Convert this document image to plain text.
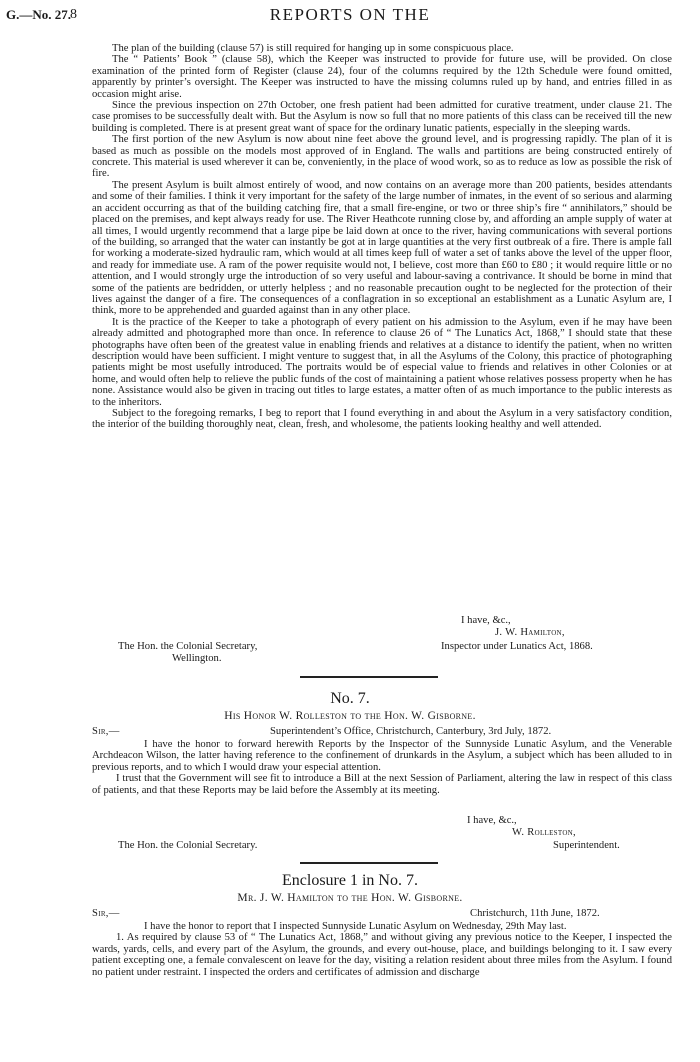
G.—No. 27. 8	REPORTS ON THE

The plan of the building (clause 57) is still required for hanging up in some conspicuous place.

The “ Patients’ Book ” (clause 58), which the Keeper was instructed to provide for future use, will be provided. On close examination of the printed form of Register (clause 24), four of the columns required by the 12th Schedule were found omitted, apparently by printer’s oversight. The Keeper was instructed to have the missing columns ruled up by hand, and entries filled in as occasion might arise.

Since the previous inspection on 27th October, one fresh patient had been admitted for curative treatment, under clause 21. The case promises to be successfully dealt with. But the Asylum is now so full that no more patients of this class can be received till the new building is completed. There is at present great want of space for the ordinary lunatic patients, especially in the sleeping wards.

The first portion of the new Asylum is now about nine feet above the ground level, and is progressing rapidly. The plan of it is based as much as possible on the models most approved of in England. The walls and partitions are being constructed entirely of concrete. This material is used wherever it can be, conveniently, in the place of wood work, so as to reduce as low as possible the risk of fire.

The present Asylum is built almost entirely of wood, and now contains on an average more than 200 patients, besides attendants and some of their families. I think it very important for the safety of the large number of inmates, in the event of so serious and alarming an accident occurring as that of the building catching fire, that a small fire-engine, or two or three ship’s fire “ annihilators,” should be placed on the premises, and kept always ready for use. The River Heathcote running close by, and affording an ample supply of water at all times, I would urgently recommend that a large pipe be laid down at once to the river, having communications with several portions of the building, so arranged that the water can instantly be got at in large quantities at the very first outbreak of a fire. There is ample fall for working a moderate-sized hydraulic ram, which would at all times keep full of water a set of tanks above the level of the upper floor, and ready for immediate use. A ram of the power requisite would not, I believe, cost more than £60 to £80 ; it would require little or no attention, and I would strongly urge the introduction of so very useful and labour-saving a contrivance. It should be borne in mind that some of the patients are bedridden, or utterly helpless ; and no reasonable precaution ought to be neglected for the protection of their lives against the danger of a fire. The consequences of a conflagration in so exceptional an establishment as a Lunatic Asylum are, I think, more to be apprehended and guarded against than in any other place.

It is the practice of the Keeper to take a photograph of every patient on his admission to the Asylum, even if he may have been already admitted and photographed more than once. In reference to clause 26 of “ The Lunatics Act, 1868,” I should state that these photographs have often been of the greatest value in enabling friends and relatives at a distance to identify the patient, when no written description would have been sufficient. I might venture to suggest that, in all the Asylums of the Colony, this practice of photographing patients might be most usefully introduced. The portraits would be of especial value to friends and relatives in other Colonies or at home, and would often help to relieve the public funds of the cost of maintaining a patient whose relatives possess property when he has none. Assistance would also be given in tracing out titles to large estates, a matter often of as much importance to the public interests as to the inheritors.

Subject to the foregoing remarks, I beg to report that I found everything in and about the Asylum in a very satisfactory condition, the interior of the building thoroughly neat, clean, fresh, and wholesome, the patients looking healthy and well attended.

I have, &c.,
J. W. Hamilton,
The Hon. the Colonial Secretary,	Inspector under Lunatics Act, 1868.
Wellington.
No. 7.
His Honor W. Rolleston to the Hon. W. Gisborne.
Sir,—	Superintendent’s Office, Christchurch, Canterbury, 3rd July, 1872.

I have the honor to forward herewith Reports by the Inspector of the Sunnyside Lunatic Asylum, and the Venerable Archdeacon Wilson, the latter having reference to the confinement of drunkards in the Asylum, a subject which has been alluded to in previous reports, and to which I would draw your especial attention.

I trust that the Government will see fit to introduce a Bill at the next Session of Parliament, altering the law in respect of this class of patients, and that these Reports may be laid before the Assembly at its meeting.

I have, &c.,
W. Rolleston,
The Hon. the Colonial Secretary.	Superintendent.
Enclosure 1 in No. 7.
Mr. J. W. Hamilton to the Hon. W. Gisborne.
Sir,—	Christchurch, 11th June, 1872.

I have the honor to report that I inspected Sunnyside Lunatic Asylum on Wednesday, 29th May last.

1. As required by clause 53 of “ The Lunatics Act, 1868,” and without giving any previous notice to the Keeper, I inspected the wards, yards, cells, and every part of the Asylum, the grounds, and every out-house, place, and buildings belonging to it. I saw every patient excepting one, a female convalescent on leave for the day, visiting a relation resident about three miles from the Asylum. I found no patient under restraint. I inspected the orders and certificates of admission and discharge
